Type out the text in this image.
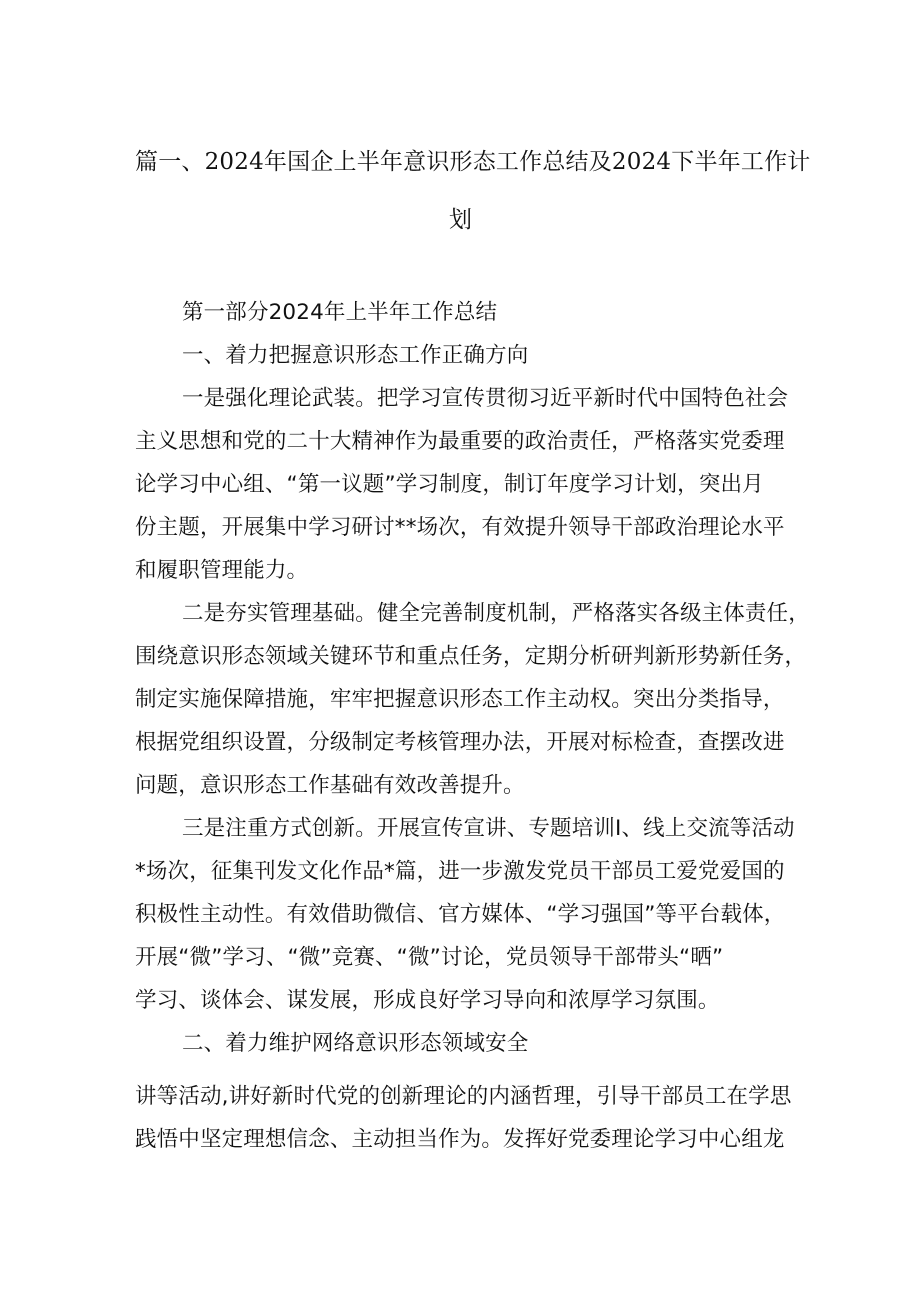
篇一、2024年国企上半年意识形态工作总结及2024下半年工作计
划
第一部分2024年上半年工作总结
一、着力把握意识形态工作正确方向
一是强化理论武装。把学习宣传贯彻习近平新时代中国特色社会
主义思想和党的二十大精神作为最重要的政治责任，严格落实党委理
论学习中心组、“第一议题”学习制度，制订年度学习计划，突出月
份主题，开展集中学习研讨**场次，有效提升领导干部政治理论水平
和履职管理能力。
二是夯实管理基础。健全完善制度机制，严格落实各级主体责任，
围绕意识形态领域关键环节和重点任务，定期分析研判新形势新任务，
制定实施保障措施，牢牢把握意识形态工作主动权。突出分类指导，
根据党组织设置，分级制定考核管理办法，开展对标检查，查摆改进
问题，意识形态工作基础有效改善提升。
三是注重方式创新。开展宣传宣讲、专题培训I、线上交流等活动
*场次，征集刊发文化作品*篇，进一步激发党员干部员工爱党爱国的
积极性主动性。有效借助微信、官方媒体、“学习强国”等平台载体，
开展“微”学习、“微”竞赛、“微”讨论，党员领导干部带头“晒”
学习、谈体会、谋发展，形成良好学习导向和浓厚学习氛围。
二、着力维护网络意识形态领域安全
讲等活动,讲好新时代党的创新理论的内涵哲理，引导干部员工在学思
践悟中坚定理想信念、主动担当作为。发挥好党委理论学习中心组龙
